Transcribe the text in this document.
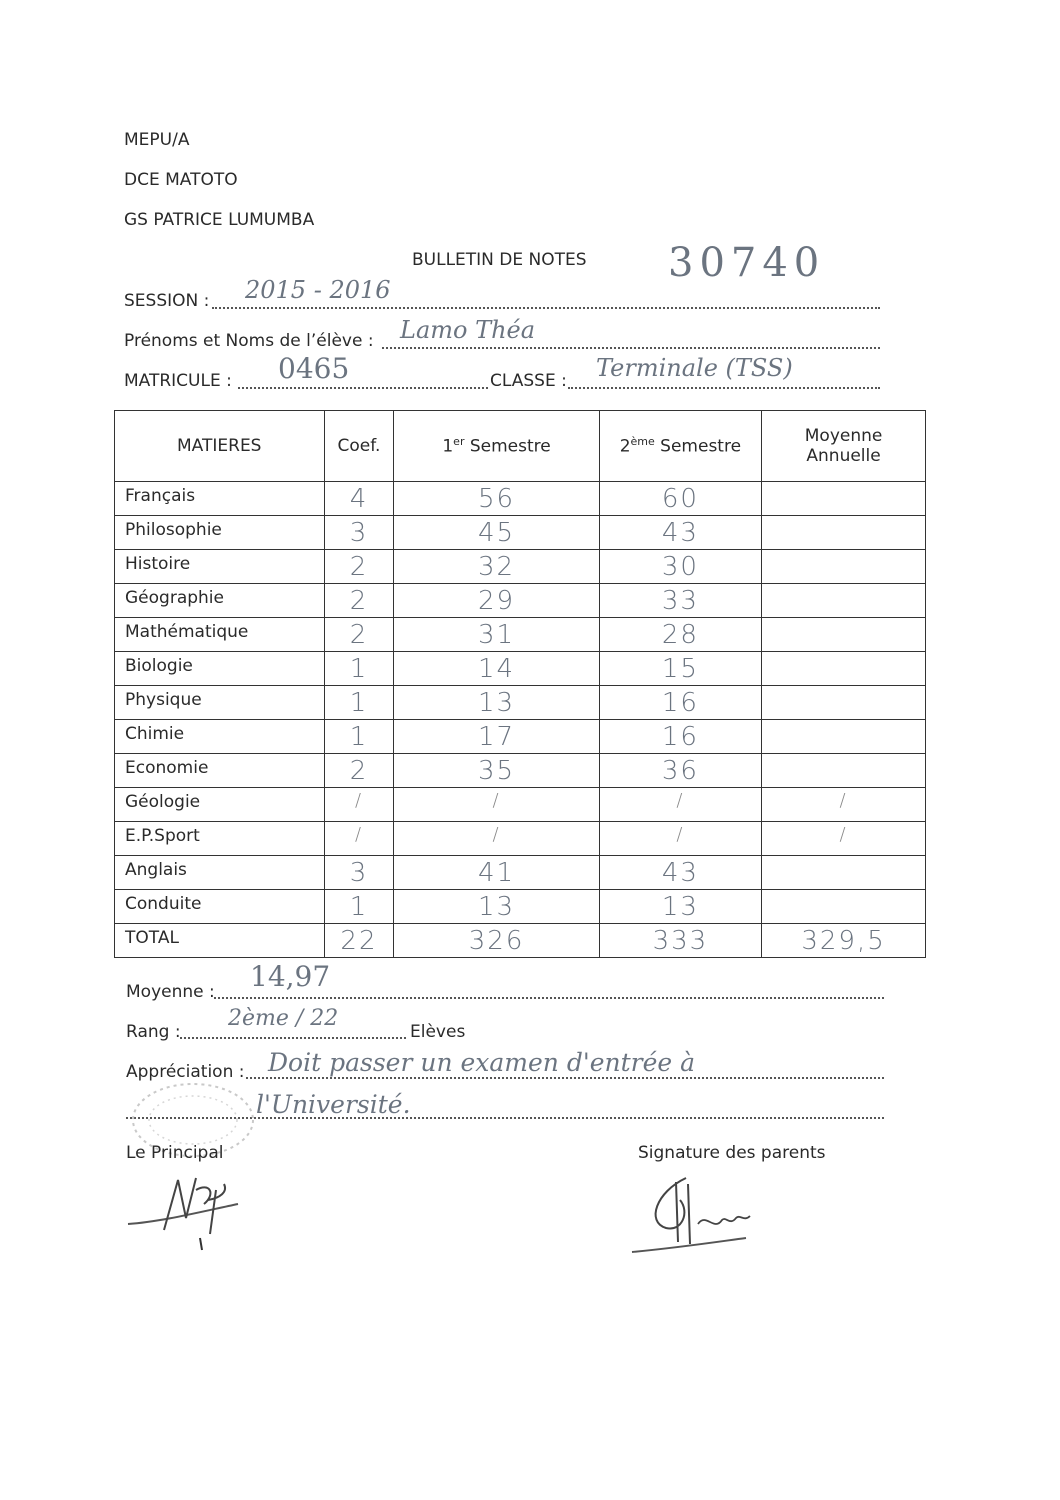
MEPU/A
DCE MATOTO
GS PATRICE LUMUMBA
BULLETIN DE NOTES 30740
SESSION : 2015 - 2016
Prénoms et Noms de l’élève : Lamo Théa
MATRICULE : 0465	CLASSE : Terminale (TSS)
MATIERES	Coef.	1er Semestre	2ème Semestre	Moyenne
Annuelle
Français	4	56	60	
Philosophie	3	45	43	
Histoire	2	32	30	
Géographie	2	29	33	
Mathématique	2	31	28	
Biologie	1	14	15	
Physique	1	13	16	
Chimie	1	17	16	
Economie	2	35	36	
Géologie	/	/	/	/
E.P.Sport	/	/	/	/
Anglais	3	41	43	
Conduite	1	13	13	
TOTAL	22	326	333	329,5
Moyenne : 14,97
Rang :
2ème / 22
Elèves
Appréciation : Doit passer un examen d'entrée à
l'Université.
Le Principal	Signature des parents
